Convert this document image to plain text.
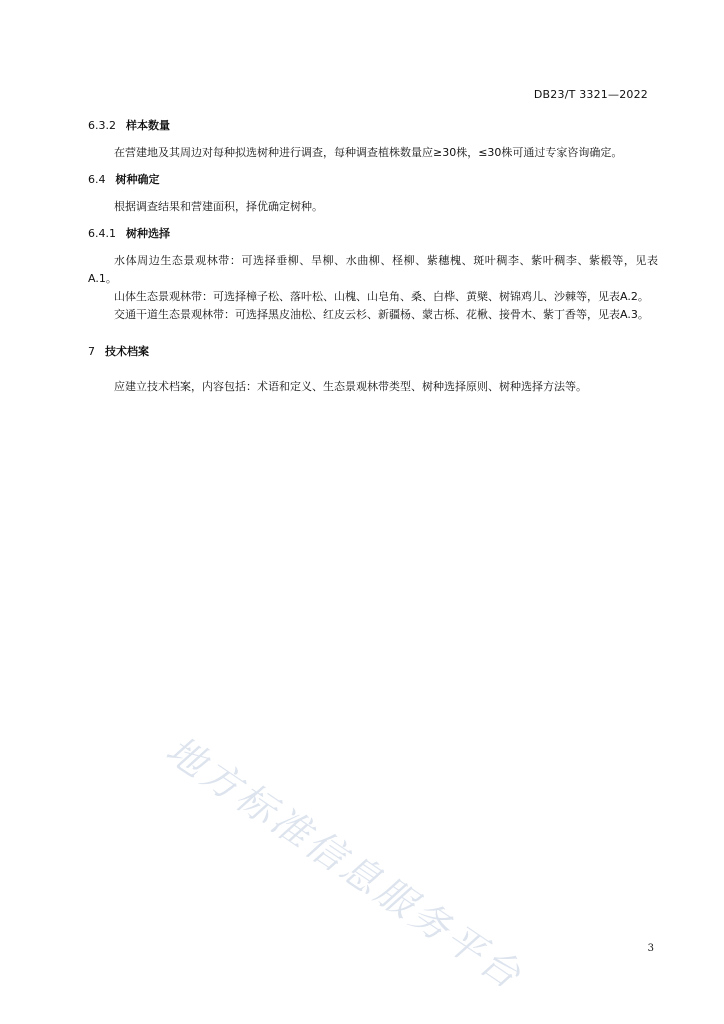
DB23/T 3321—2022

6.3.2 样本数量

在营建地及其周边对每种拟选树种进行调查，每种调查植株数量应≥30株，≤30株可通过专家咨询确定。

6.4 树种确定

根据调查结果和营建面积，择优确定树种。

6.4.1 树种选择

水体周边生态景观林带：可选择垂柳、旱柳、水曲柳、柽柳、紫穗槐、斑叶稠李、紫叶稠李、紫椴等，见表A.1。

山体生态景观林带：可选择樟子松、落叶松、山槐、山皂角、桑、白桦、黄檗、树锦鸡儿、沙棘等，见表A.2。

交通干道生态景观林带：可选择黑皮油松、红皮云杉、新疆杨、蒙古栎、花楸、接骨木、紫丁香等，见表A.3。

7 技术档案

应建立技术档案，内容包括：术语和定义、生态景观林带类型、树种选择原则、树种选择方法等。

地方标准信息服务平台	3
